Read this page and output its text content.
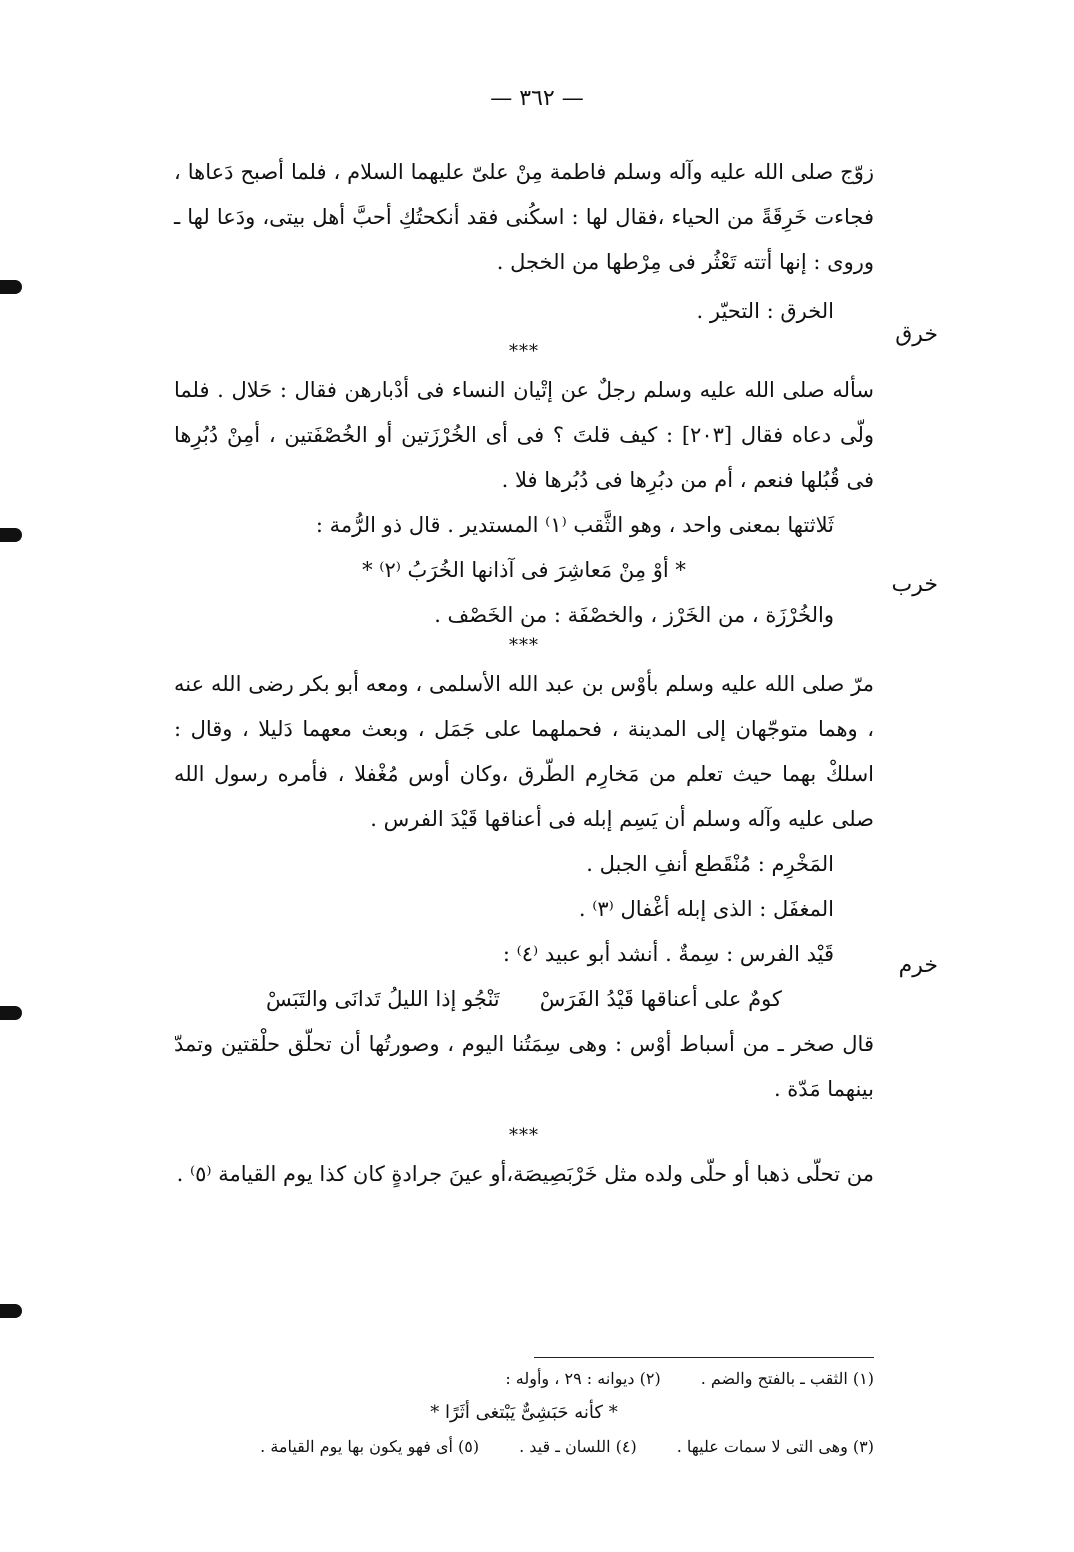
— ٣٦٢ —
خرق
خرب
خرم

زوّج صلى الله عليه وآله وسلم فاطمة مِنْ علىّ عليهما السلام ، فلما أصبح دَعاها ، فجاءت خَرِقَةً من الحياء ،فقال لها : اسكُنى فقد أنكحتُكِ أحبَّ أهل بيتى، ودَعا لها ـ وروى : إنها أتته تَعْثُر فى مِرْطها من الخجل .

الخرق : التحيّر .

***

سأله صلى الله عليه وسلم رجلٌ عن إتْيان النساء فى أدْبارهن فقال : حَلال . فلما ولّى دعاه فقال [٢٠٣] : كيف قلتَ ؟ فى أى الخُرْزَتين أو الخُصْفَتين ، أمِنْ دُبُرِها فى قُبُلها فنعم ، أم من دبُرِها فى دُبُرها فلا .

ثَلاثتها بمعنى واحد ، وهو الثَّقب ⁽١⁾ المستدير . قال ذو الرُّمة :

* أوْ مِنْ مَعاشِرَ فى آذانها الخُرَبُ ⁽٢⁾ *

والخُرْزَة ، من الخَرْز ، والخصْفَة : من الخَصْف .

***

مرّ صلى الله عليه وسلم بأوْس بن عبد الله الأسلمى ، ومعه أبو بكر رضى الله عنه ، وهما متوجّهان إلى المدينة ، فحملهما على جَمَل ، وبعث معهما دَليلا ، وقال : اسلكْ بهما حيث تعلم من مَخارِم الطّرق ،وكان أوس مُغْفلا ، فأمره رسول الله صلى عليه وآله وسلم أن يَسِم إبله فى أعناقها قَيْدَ الفرس .

المَخْرِم : مُنْقَطع أنفِ الجبل .

المغفَل : الذى إبله أغْفال ⁽٣⁾ .

قَيْد الفرس : سِمةٌ . أنشد أبو عبيد ⁽٤⁾ :

كومٌ على أعناقها قَيْدُ الفَرَسْ      تَنْجُو إذا الليلُ تَدانَى والتَبَسْ

قال صخر ـ من أسباط أوْس : وهى سِمَتُنا اليوم ، وصورتُها أن تحلّق حلْقتين وتمدّ بينهما مَدّة .

***

من تحلّى ذهبا أو حلّى ولده مثل خَرْبَصِيصَة،أو عينَ جرادةٍ كان كذا يوم القيامة ⁽٥⁾ .

(١) الثقب ـ بالفتح والضم .
(٢) ديوانه : ٢٩ ، وأوله :

* كأنه حَبَشِىٌّ يَبْتغى أثَرًا *

(٣) وهى التى لا سمات عليها .
(٤) اللسان ـ قيد .
(٥) أى فهو يكون بها يوم القيامة .
